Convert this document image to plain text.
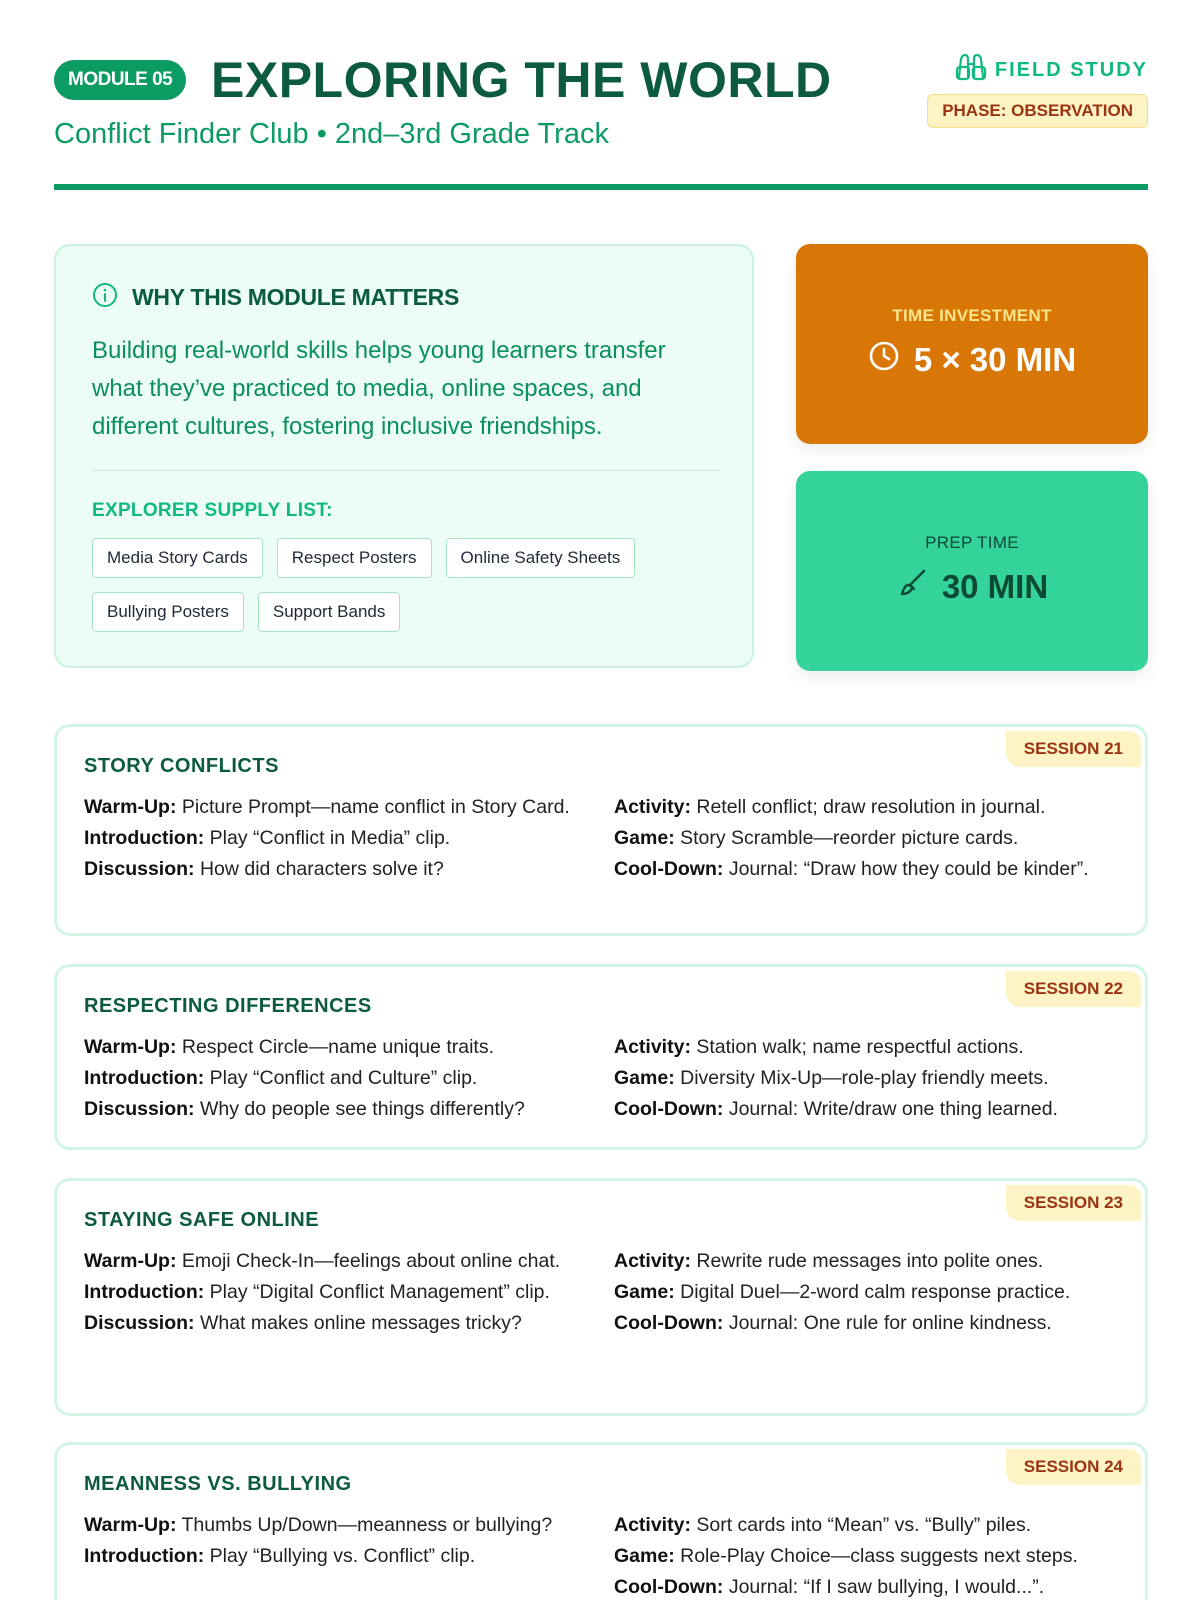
MODULE 05 EXPLORING THE WORLD
Conflict Finder Club • 2nd–3rd Grade Track
FIELD STUDY
PHASE: OBSERVATION
WHY THIS MODULE MATTERS
Building real-world skills helps young learners transfer what they’ve practiced to media, online spaces, and different cultures, fostering inclusive friendships.
EXPLORER SUPPLY LIST:
Media Story Cards	Respect Posters	Online Safety Sheets
Bullying Posters	Support Bands
TIME INVESTMENT
5 × 30 MIN
PREP TIME
30 MIN
SESSION 21
STORY CONFLICTS
Warm-Up: Picture Prompt—name conflict in Story Card.
Introduction: Play “Conflict in Media” clip.
Discussion: How did characters solve it?
Activity: Retell conflict; draw resolution in journal.
Game: Story Scramble—reorder picture cards.
Cool-Down: Journal: “Draw how they could be kinder”.
SESSION 22
RESPECTING DIFFERENCES
Warm-Up: Respect Circle—name unique traits.
Introduction: Play “Conflict and Culture” clip.
Discussion: Why do people see things differently?
Activity: Station walk; name respectful actions.
Game: Diversity Mix-Up—role-play friendly meets.
Cool-Down: Journal: Write/draw one thing learned.
SESSION 23
STAYING SAFE ONLINE
Warm-Up: Emoji Check-In—feelings about online chat.
Introduction: Play “Digital Conflict Management” clip.
Discussion: What makes online messages tricky?
Activity: Rewrite rude messages into polite ones.
Game: Digital Duel—2-word calm response practice.
Cool-Down: Journal: One rule for online kindness.
SESSION 24
MEANNESS VS. BULLYING
Warm-Up: Thumbs Up/Down—meanness or bullying?
Introduction: Play “Bullying vs. Conflict” clip.
Activity: Sort cards into “Mean” vs. “Bully” piles.
Game: Role-Play Choice—class suggests next steps.
Cool-Down: Journal: “If I saw bullying, I would...”.
